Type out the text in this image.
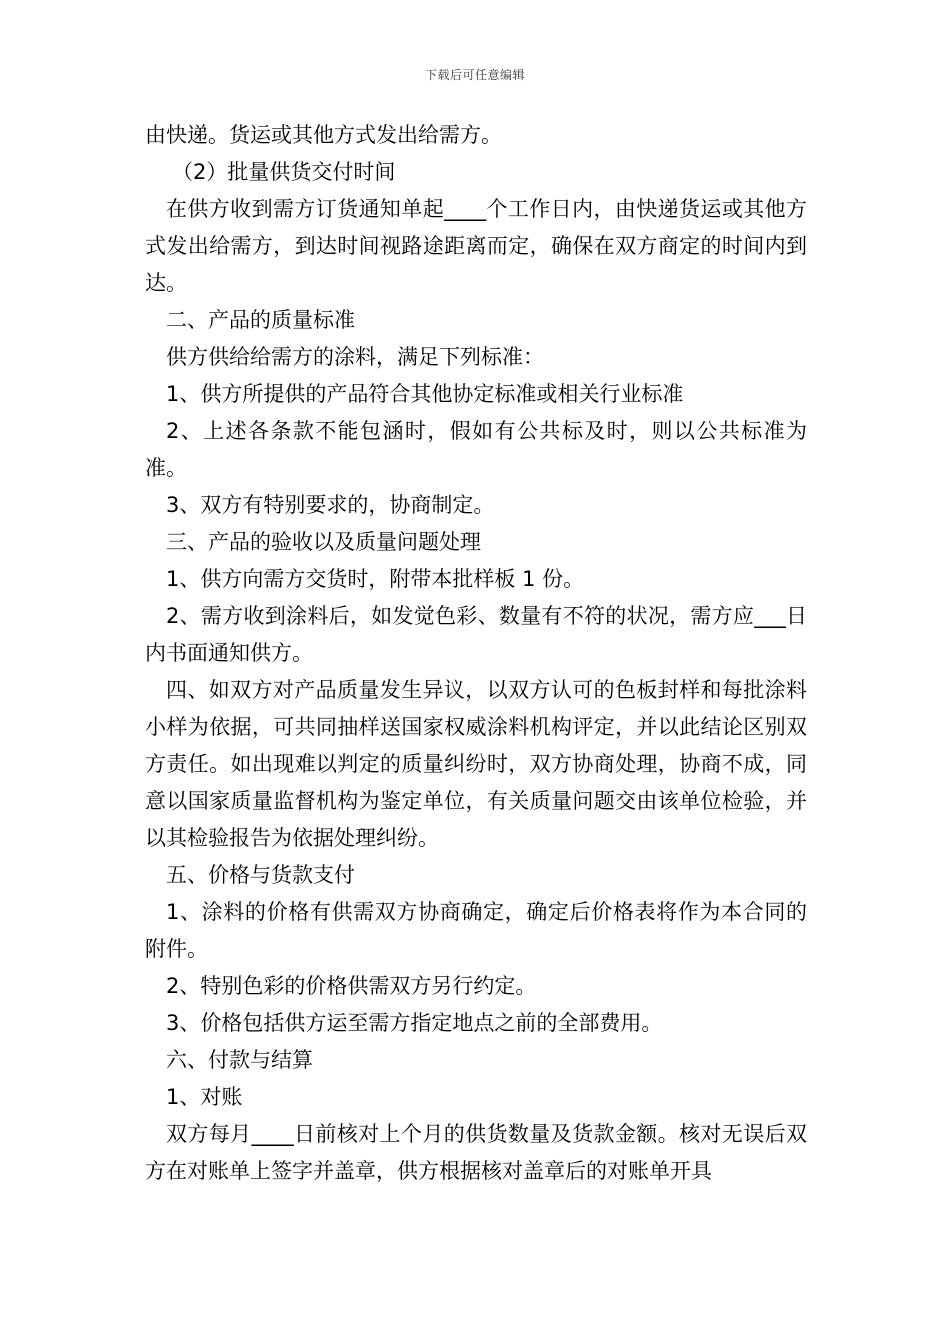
下载后可任意编辑

由快递。货运或其他方式发出给需方。

（2）批量供货交付时间

在供方收到需方订货通知单起____个工作日内，由快递货运或其他方式发出给需方，到达时间视路途距离而定，确保在双方商定的时间内到达。

二、产品的质量标准

供方供给给需方的涂料，满足下列标准：

1、供方所提供的产品符合其他协定标准或相关行业标准

2、上述各条款不能包涵时，假如有公共标及时，则以公共标准为准。

3、双方有特别要求的，协商制定。

三、产品的验收以及质量问题处理

1、供方向需方交货时，附带本批样板 1 份。

2、需方收到涂料后，如发觉色彩、数量有不符的状况，需方应___日内书面通知供方。

四、如双方对产品质量发生异议，以双方认可的色板封样和每批涂料小样为依据，可共同抽样送国家权威涂料机构评定，并以此结论区别双方责任。如出现难以判定的质量纠纷时，双方协商处理，协商不成，同意以国家质量监督机构为鉴定单位，有关质量问题交由该单位检验，并以其检验报告为依据处理纠纷。

五、价格与货款支付

1、涂料的价格有供需双方协商确定，确定后价格表将作为本合同的附件。

2、特别色彩的价格供需双方另行约定。

3、价格包括供方运至需方指定地点之前的全部费用。

六、付款与结算

1、对账

双方每月____日前核对上个月的供货数量及货款金额。核对无误后双方在对账单上签字并盖章，供方根据核对盖章后的对账单开具
